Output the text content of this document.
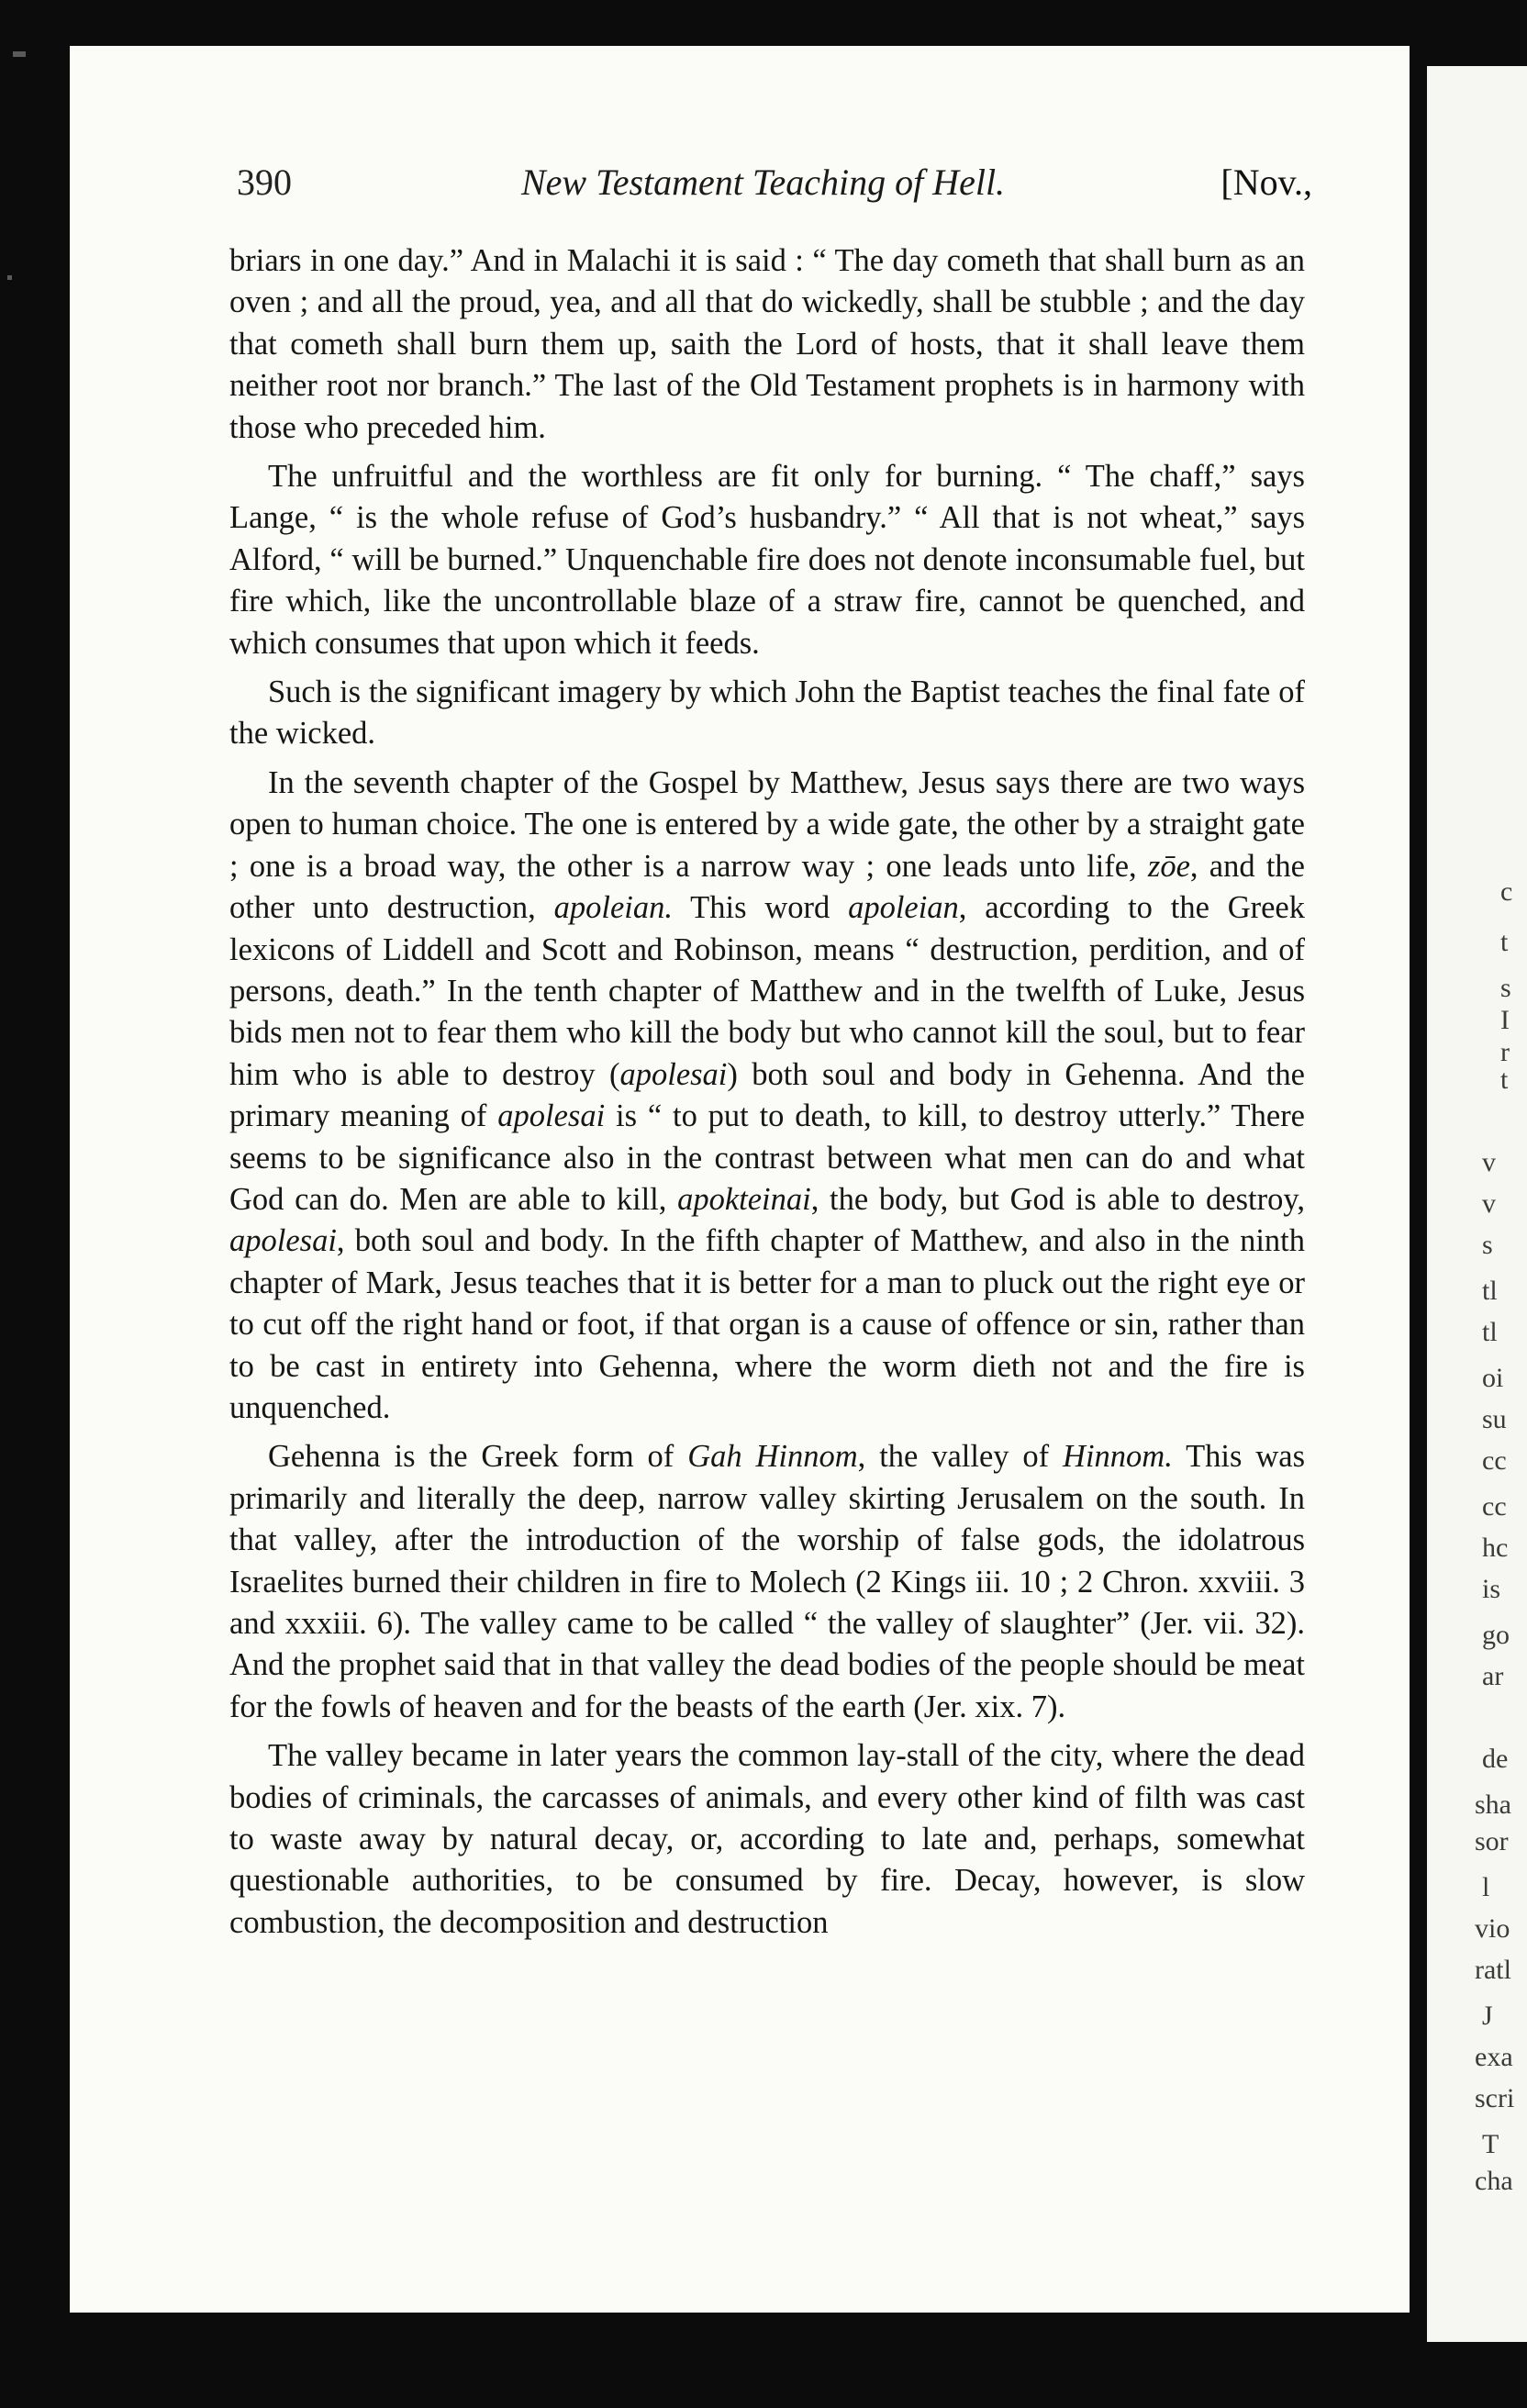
c
t
s
I
r
t
v
v
s
tl
tl
oi
su
cc
cc
hc
is
go
ar
de
sha
sor
l
vio
ratl
J
exa
scri
T
cha
390	New Testament Teaching of Hell.	[Nov.,

briars in one day.” And in Malachi it is said : “ The day cometh that shall burn as an oven ; and all the proud, yea, and all that do wickedly, shall be stubble ; and the day that cometh shall burn them up, saith the Lord of hosts, that it shall leave them neither root nor branch.” The last of the Old Testament prophets is in harmony with those who preceded him.

The unfruitful and the worthless are fit only for burning. “ The chaff,” says Lange, “ is the whole refuse of God’s husbandry.” “ All that is not wheat,” says Alford, “ will be burned.” Unquenchable fire does not denote inconsumable fuel, but fire which, like the uncontrollable blaze of a straw fire, cannot be quenched, and which consumes that upon which it feeds.

Such is the significant imagery by which John the Baptist teaches the final fate of the wicked.

In the seventh chapter of the Gospel by Matthew, Jesus says there are two ways open to human choice. The one is entered by a wide gate, the other by a straight gate ; one is a broad way, the other is a narrow way ; one leads unto life, zōe, and the other unto destruction, apoleian. This word apoleian, according to the Greek lexicons of Liddell and Scott and Robinson, means “ destruction, perdition, and of persons, death.” In the tenth chapter of Matthew and in the twelfth of Luke, Jesus bids men not to fear them who kill the body but who cannot kill the soul, but to fear him who is able to destroy (apolesai) both soul and body in Gehenna. And the primary meaning of apolesai is “ to put to death, to kill, to destroy utterly.” There seems to be significance also in the contrast between what men can do and what God can do. Men are able to kill, apokteinai, the body, but God is able to destroy, apolesai, both soul and body. In the fifth chapter of Matthew, and also in the ninth chapter of Mark, Jesus teaches that it is better for a man to pluck out the right eye or to cut off the right hand or foot, if that organ is a cause of offence or sin, rather than to be cast in entirety into Gehenna, where the worm dieth not and the fire is unquenched.

Gehenna is the Greek form of Gah Hinnom, the valley of Hinnom. This was primarily and literally the deep, narrow valley skirting Jerusalem on the south. In that valley, after the introduction of the worship of false gods, the idolatrous Israelites burned their children in fire to Molech (2 Kings iii. 10 ; 2 Chron. xxviii. 3 and xxxiii. 6). The valley came to be called “ the valley of slaughter” (Jer. vii. 32). And the prophet said that in that valley the dead bodies of the people should be meat for the fowls of heaven and for the beasts of the earth (Jer. xix. 7).

The valley became in later years the common lay-stall of the city, where the dead bodies of criminals, the carcasses of animals, and every other kind of filth was cast to waste away by natural decay, or, according to late and, perhaps, somewhat questionable authorities, to be consumed by fire. Decay, however, is slow combustion, the decomposition and destruction
